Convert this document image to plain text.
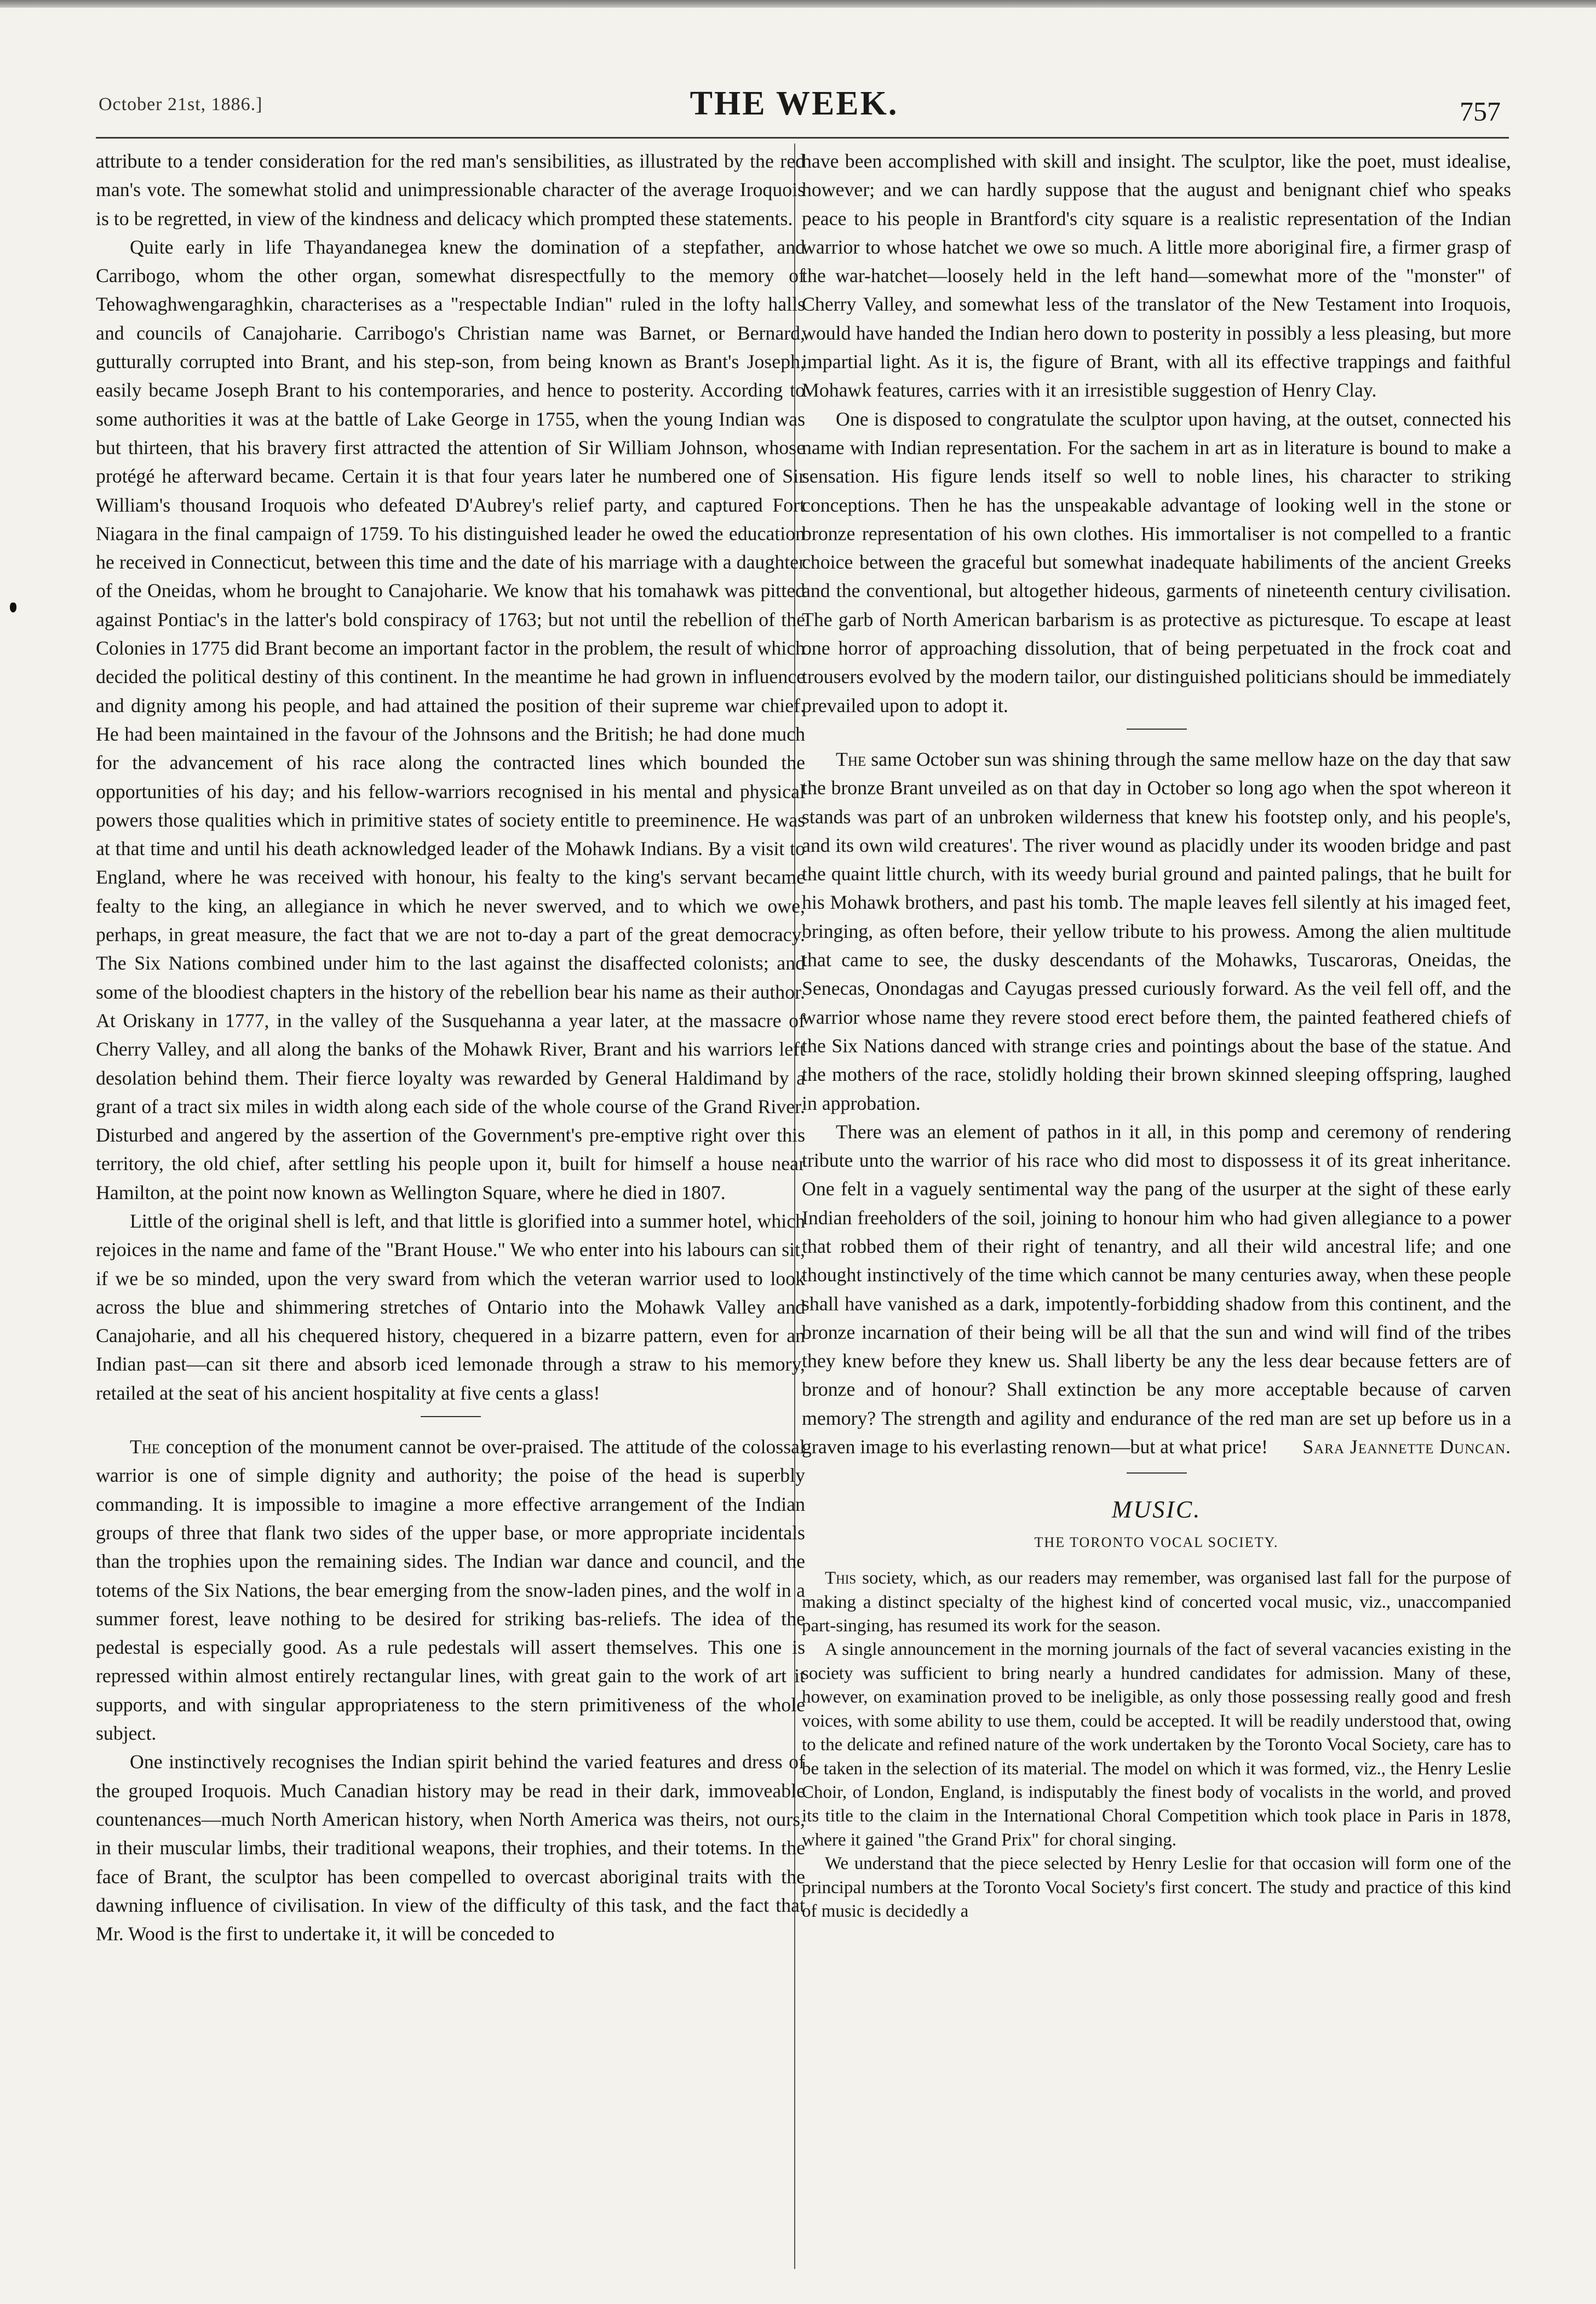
October 21st, 1886.]	THE WEEK.	757

attribute to a tender consideration for the red man's sensibilities, as illustrated by the red man's vote. The somewhat stolid and unimpressionable character of the average Iroquois is to be regretted, in view of the kindness and delicacy which prompted these statements.

Quite early in life Thayandanegea knew the domination of a stepfather, and Carribogo, whom the other organ, somewhat disrespectfully to the memory of Tehowaghwengaraghkin, characterises as a "respectable Indian" ruled in the lofty halls and councils of Canajoharie. Carribogo's Christian name was Barnet, or Bernard, gutturally corrupted into Brant, and his step-son, from being known as Brant's Joseph, easily became Joseph Brant to his contemporaries, and hence to posterity. According to some authorities it was at the battle of Lake George in 1755, when the young Indian was but thirteen, that his bravery first attracted the attention of Sir William Johnson, whose protégé he afterward became. Certain it is that four years later he numbered one of Sir William's thousand Iroquois who defeated D'Aubrey's relief party, and captured Fort Niagara in the final campaign of 1759. To his distinguished leader he owed the education he received in Connecticut, between this time and the date of his marriage with a daughter of the Oneidas, whom he brought to Canajoharie. We know that his tomahawk was pitted against Pontiac's in the latter's bold conspiracy of 1763; but not until the rebellion of the Colonies in 1775 did Brant become an important factor in the problem, the result of which decided the political destiny of this continent. In the meantime he had grown in influence and dignity among his people, and had attained the position of their supreme war chief. He had been maintained in the favour of the Johnsons and the British; he had done much for the advancement of his race along the contracted lines which bounded the opportunities of his day; and his fellow-warriors recognised in his mental and physical powers those qualities which in primitive states of society entitle to preeminence. He was at that time and until his death acknowledged leader of the Mohawk Indians. By a visit to England, where he was received with honour, his fealty to the king's servant became fealty to the king, an allegiance in which he never swerved, and to which we owe, perhaps, in great measure, the fact that we are not to-day a part of the great democracy. The Six Nations combined under him to the last against the disaffected colonists; and some of the bloodiest chapters in the history of the rebellion bear his name as their author. At Oriskany in 1777, in the valley of the Susquehanna a year later, at the massacre of Cherry Valley, and all along the banks of the Mohawk River, Brant and his warriors left desolation behind them. Their fierce loyalty was rewarded by General Haldimand by a grant of a tract six miles in width along each side of the whole course of the Grand River. Disturbed and angered by the assertion of the Government's pre-emptive right over this territory, the old chief, after settling his people upon it, built for himself a house near Hamilton, at the point now known as Wellington Square, where he died in 1807.

Little of the original shell is left, and that little is glorified into a summer hotel, which rejoices in the name and fame of the "Brant House." We who enter into his labours can sit, if we be so minded, upon the very sward from which the veteran warrior used to look across the blue and shimmering stretches of Ontario into the Mohawk Valley and Canajoharie, and all his chequered history, chequered in a bizarre pattern, even for an Indian past—can sit there and absorb iced lemonade through a straw to his memory, retailed at the seat of his ancient hospitality at five cents a glass!

The conception of the monument cannot be over-praised. The attitude of the colossal warrior is one of simple dignity and authority; the poise of the head is superbly commanding. It is impossible to imagine a more effective arrangement of the Indian groups of three that flank two sides of the upper base, or more appropriate incidentals than the trophies upon the remaining sides. The Indian war dance and council, and the totems of the Six Nations, the bear emerging from the snow-laden pines, and the wolf in a summer forest, leave nothing to be desired for striking bas-reliefs. The idea of the pedestal is especially good. As a rule pedestals will assert themselves. This one is repressed within almost entirely rectangular lines, with great gain to the work of art it supports, and with singular appropriateness to the stern primitiveness of the whole subject.

One instinctively recognises the Indian spirit behind the varied features and dress of the grouped Iroquois. Much Canadian history may be read in their dark, immoveable countenances—much North American history, when North America was theirs, not ours, in their muscular limbs, their traditional weapons, their trophies, and their totems. In the face of Brant, the sculptor has been compelled to overcast aboriginal traits with the dawning influence of civilisation. In view of the difficulty of this task, and the fact that Mr. Wood is the first to undertake it, it will be conceded to

have been accomplished with skill and insight. The sculptor, like the poet, must idealise, however; and we can hardly suppose that the august and benignant chief who speaks peace to his people in Brantford's city square is a realistic representation of the Indian warrior to whose hatchet we owe so much. A little more aboriginal fire, a firmer grasp of the war-hatchet—loosely held in the left hand—somewhat more of the "monster" of Cherry Valley, and somewhat less of the translator of the New Testament into Iroquois, would have handed the Indian hero down to posterity in possibly a less pleasing, but more impartial light. As it is, the figure of Brant, with all its effective trappings and faithful Mohawk features, carries with it an irresistible suggestion of Henry Clay.

One is disposed to congratulate the sculptor upon having, at the outset, connected his name with Indian representation. For the sachem in art as in literature is bound to make a sensation. His figure lends itself so well to noble lines, his character to striking conceptions. Then he has the unspeakable advantage of looking well in the stone or bronze representation of his own clothes. His immortaliser is not compelled to a frantic choice between the graceful but somewhat inadequate habiliments of the ancient Greeks and the conventional, but altogether hideous, garments of nineteenth century civilisation. The garb of North American barbarism is as protective as picturesque. To escape at least one horror of approaching dissolution, that of being perpetuated in the frock coat and trousers evolved by the modern tailor, our distinguished politicians should be immediately prevailed upon to adopt it.

The same October sun was shining through the same mellow haze on the day that saw the bronze Brant unveiled as on that day in October so long ago when the spot whereon it stands was part of an unbroken wilderness that knew his footstep only, and his people's, and its own wild creatures'. The river wound as placidly under its wooden bridge and past the quaint little church, with its weedy burial ground and painted palings, that he built for his Mohawk brothers, and past his tomb. The maple leaves fell silently at his imaged feet, bringing, as often before, their yellow tribute to his prowess. Among the alien multitude that came to see, the dusky descendants of the Mohawks, Tuscaroras, Oneidas, the Senecas, Onondagas and Cayugas pressed curiously forward. As the veil fell off, and the warrior whose name they revere stood erect before them, the painted feathered chiefs of the Six Nations danced with strange cries and pointings about the base of the statue. And the mothers of the race, stolidly holding their brown skinned sleeping offspring, laughed in approbation.

There was an element of pathos in it all, in this pomp and ceremony of rendering tribute unto the warrior of his race who did most to dispossess it of its great inheritance. One felt in a vaguely sentimental way the pang of the usurper at the sight of these early Indian freeholders of the soil, joining to honour him who had given allegiance to a power that robbed them of their right of tenantry, and all their wild ancestral life; and one thought instinctively of the time which cannot be many centuries away, when these people shall have vanished as a dark, impotently-forbidding shadow from this continent, and the bronze incarnation of their being will be all that the sun and wind will find of the tribes they knew before they knew us. Shall liberty be any the less dear because fetters are of bronze and of honour? Shall extinction be any more acceptable because of carven memory? The strength and agility and endurance of the red man are set up before us in a graven image to his everlasting renown—but at what price!	Sara Jeannette Duncan.
MUSIC.
THE TORONTO VOCAL SOCIETY.

This society, which, as our readers may remember, was organised last fall for the purpose of making a distinct specialty of the highest kind of concerted vocal music, viz., unaccompanied part-singing, has resumed its work for the season.

A single announcement in the morning journals of the fact of several vacancies existing in the society was sufficient to bring nearly a hundred candidates for admission. Many of these, however, on examination proved to be ineligible, as only those possessing really good and fresh voices, with some ability to use them, could be accepted. It will be readily understood that, owing to the delicate and refined nature of the work undertaken by the Toronto Vocal Society, care has to be taken in the selection of its material. The model on which it was formed, viz., the Henry Leslie Choir, of London, England, is indisputably the finest body of vocalists in the world, and proved its title to the claim in the International Choral Competition which took place in Paris in 1878, where it gained "the Grand Prix" for choral singing.

We understand that the piece selected by Henry Leslie for that occasion will form one of the principal numbers at the Toronto Vocal Society's first concert. The study and practice of this kind of music is decidedly a
